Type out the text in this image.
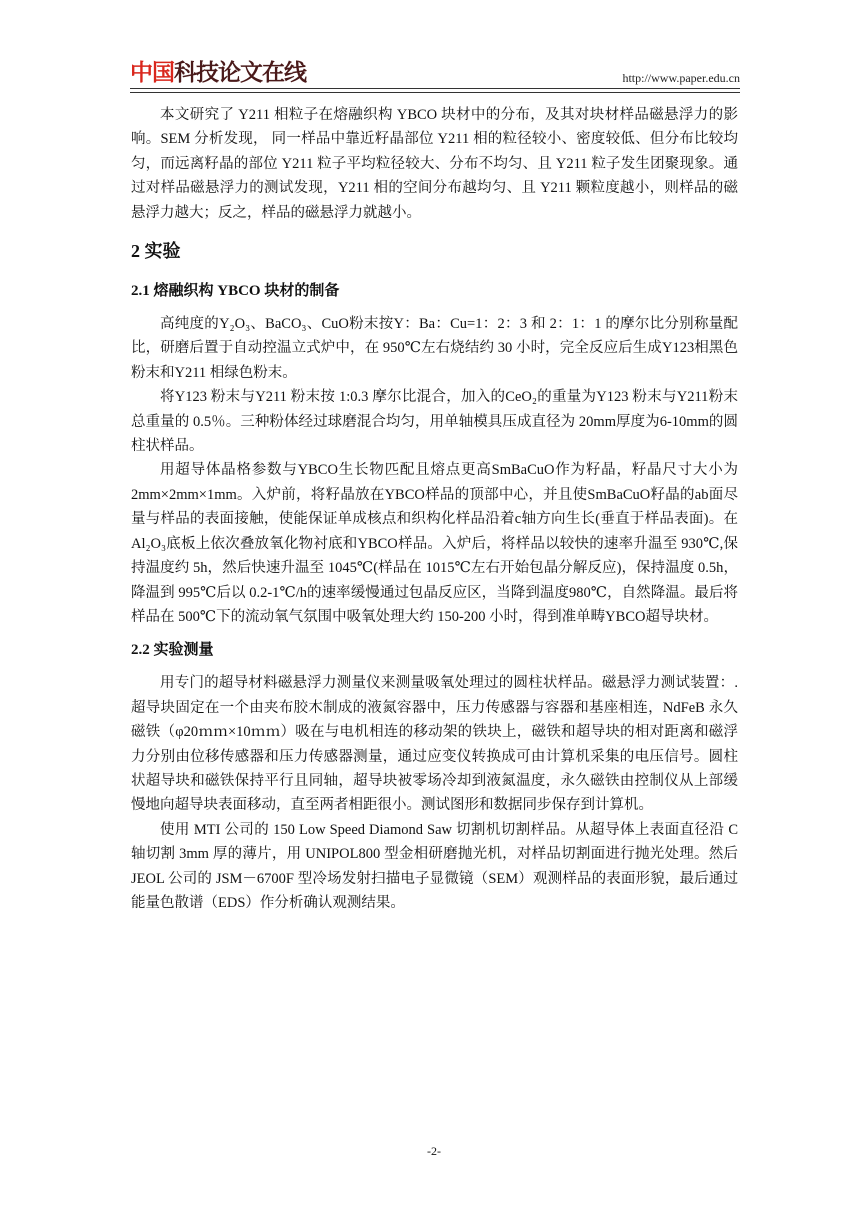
中国科技论文在线	http://www.paper.edu.cn

本文研究了 Y211 相粒子在熔融织构 YBCO 块材中的分布，及其对块材样品磁悬浮力的影响。SEM 分析发现， 同一样品中靠近籽晶部位 Y211 相的粒径较小、密度较低、但分布比较均匀，而远离籽晶的部位 Y211 粒子平均粒径较大、分布不均匀、且 Y211 粒子发生团聚现象。通过对样品磁悬浮力的测试发现，Y211 相的空间分布越均匀、且 Y211 颗粒度越小，则样品的磁悬浮力越大；反之，样品的磁悬浮力就越小。

2 实验
2.1 熔融织构 YBCO 块材的制备

高纯度的Y₂O₃、BaCO₃、CuO粉末按Y：Ba：Cu=1：2：3 和 2：1：1 的摩尔比分别称量配比，研磨后置于自动控温立式炉中，在 950℃左右烧结约 30 小时，完全反应后生成Y123相黑色粉末和Y211 相绿色粉末。

将Y123 粉末与Y211 粉末按 1:0.3 摩尔比混合，加入的CeO₂的重量为Y123 粉末与Y211粉末总重量的 0.5％。三种粉体经过球磨混合均匀，用单轴模具压成直径为 20mm厚度为6-10mm的圆柱状样品。

用超导体晶格参数与YBCO生长物匹配且熔点更高SmBaCuO作为籽晶，籽晶尺寸大小为 2mm×2mm×1mm。入炉前，将籽晶放在YBCO样品的顶部中心，并且使SmBaCuO籽晶的ab面尽量与样品的表面接触，使能保证单成核点和织构化样品沿着c轴方向生长(垂直于样品表面)。在Al₂O₃底板上依次叠放氧化物衬底和YBCO样品。入炉后，将样品以较快的速率升温至 930℃,保持温度约 5h，然后快速升温至 1045℃(样品在 1015℃左右开始包晶分解反应)，保持温度 0.5h，降温到 995℃后以 0.2-1℃/h的速率缓慢通过包晶反应区，当降到温度980℃，自然降温。最后将样品在 500℃下的流动氧气氛围中吸氧处理大约 150-200 小时，得到准单畴YBCO超导块材。

2.2 实验测量

用专门的超导材料磁悬浮力测量仪来测量吸氧处理过的圆柱状样品。磁悬浮力测试装置：.超导块固定在一个由夹布胶木制成的液氮容器中，压力传感器与容器和基座相连，NdFeB 永久磁铁（φ20ｍｍ×10ｍｍ）吸在与电机相连的移动架的铁块上，磁铁和超导块的相对距离和磁浮力分别由位移传感器和压力传感器测量，通过应变仪转换成可由计算机采集的电压信号。圆柱状超导块和磁铁保持平行且同轴，超导块被零场冷却到液氮温度，永久磁铁由控制仪从上部缓慢地向超导块表面移动，直至两者相距很小。测试图形和数据同步保存到计算机。

使用 MTI 公司的 150 Low Speed Diamond Saw 切割机切割样品。从超导体上表面直径沿 C 轴切割 3mm 厚的薄片，用 UNIPOL800 型金相研磨抛光机，对样品切割面进行抛光处理。然后 JEOL 公司的 JSM－6700F 型冷场发射扫描电子显微镜（SEM）观测样品的表面形貌，最后通过能量色散谱（EDS）作分析确认观测结果。

-2-
